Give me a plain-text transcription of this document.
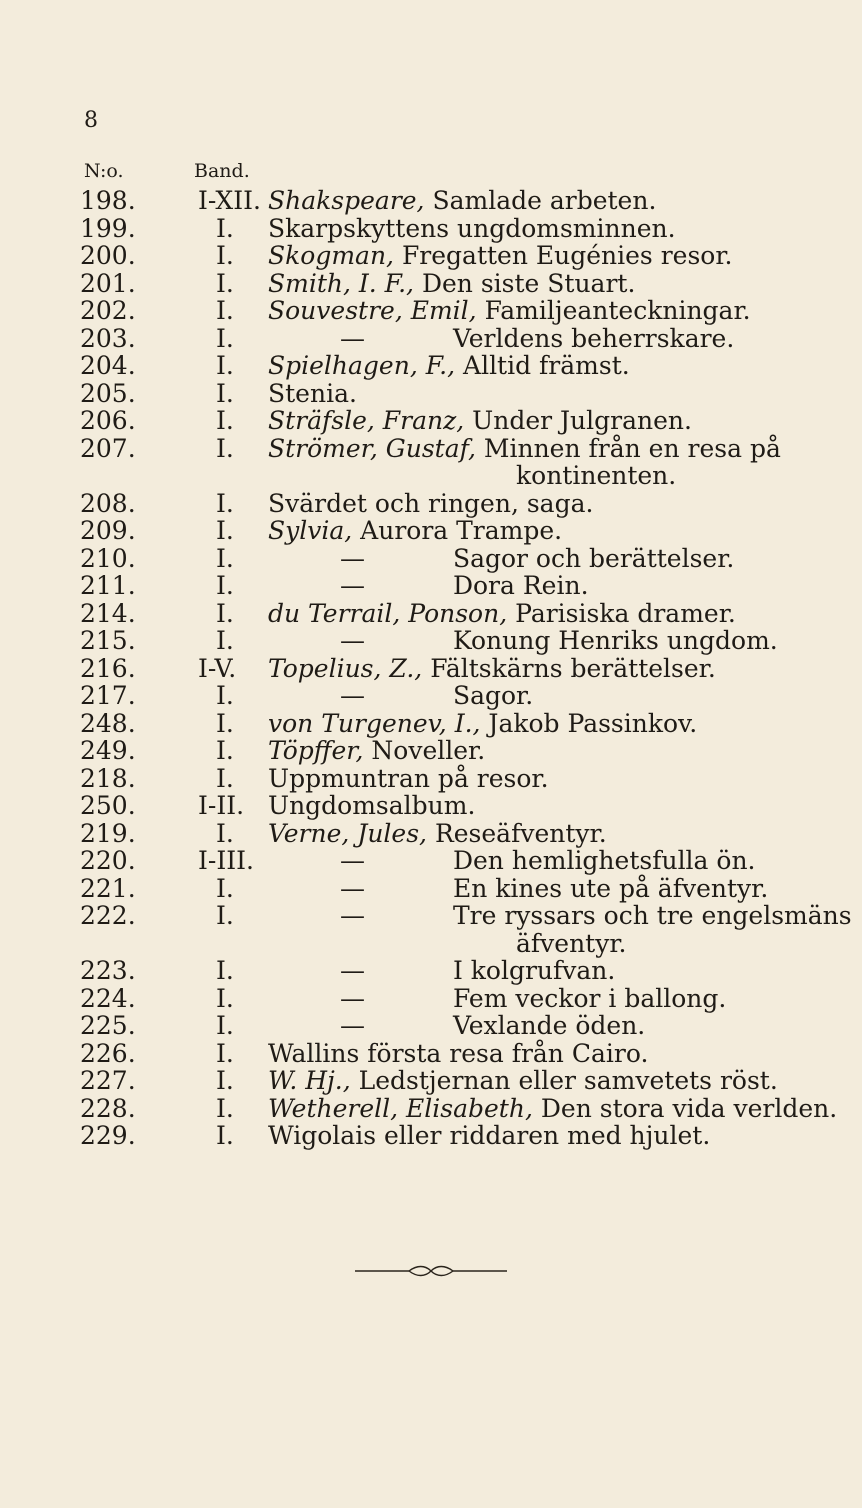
8
N:o.	Band.
198. I-XII. Shakspeare, Samlade arbeten.
199.	I. Skarpskyttens ungdomsminnen.
200.	I. Skogman, Fregatten Eugénies resor.
201.	I. Smith, I. F., Den siste Stuart.
202.	I. Souvestre, Emil, Familjeanteckningar.
203.	I.	—	Verldens beherrskare.
204.	I. Spielhagen, F., Alltid främst.
205.	I. Stenia.
206.	I. Sträfsle, Franz, Under Julgranen.
207.	I. Strömer, Gustaf, Minnen från en resa på
kontinenten.
208.	I. Svärdet och ringen, saga.
209.	I. Sylvia, Aurora Trampe.
210.	I.	—	Sagor och berättelser.
211.	I.	—	Dora Rein.
214.	I. du Terrail, Ponson, Parisiska dramer.
215.	I.	—	Konung Henriks ungdom.
216. I-V. Topelius, Z., Fältskärns berättelser.
217.	I.	—	Sagor.
248.	I. von Turgenev, I., Jakob Passinkov.
249.	I. Töpffer, Noveller.
218.	I. Uppmuntran på resor.
250. I-II. Ungdomsalbum.
219.	I. Verne, Jules, Reseäfventyr.
220. I-III.	—	Den hemlighetsfulla ön.
221.	I.	—	En kines ute på äfventyr.
222.	I.	—	Tre ryssars och tre engelsmäns
äfventyr.
223.	I.	—	I kolgrufvan.
224.	I.	—	Fem veckor i ballong.
225.	I.	—	Vexlande öden.
226.	I. Wallins första resa från Cairo.
227.	I. W. Hj., Ledstjernan eller samvetets röst.
228.	I. Wetherell, Elisabeth, Den stora vida verlden.
229.	I. Wigolais eller riddaren med hjulet.
